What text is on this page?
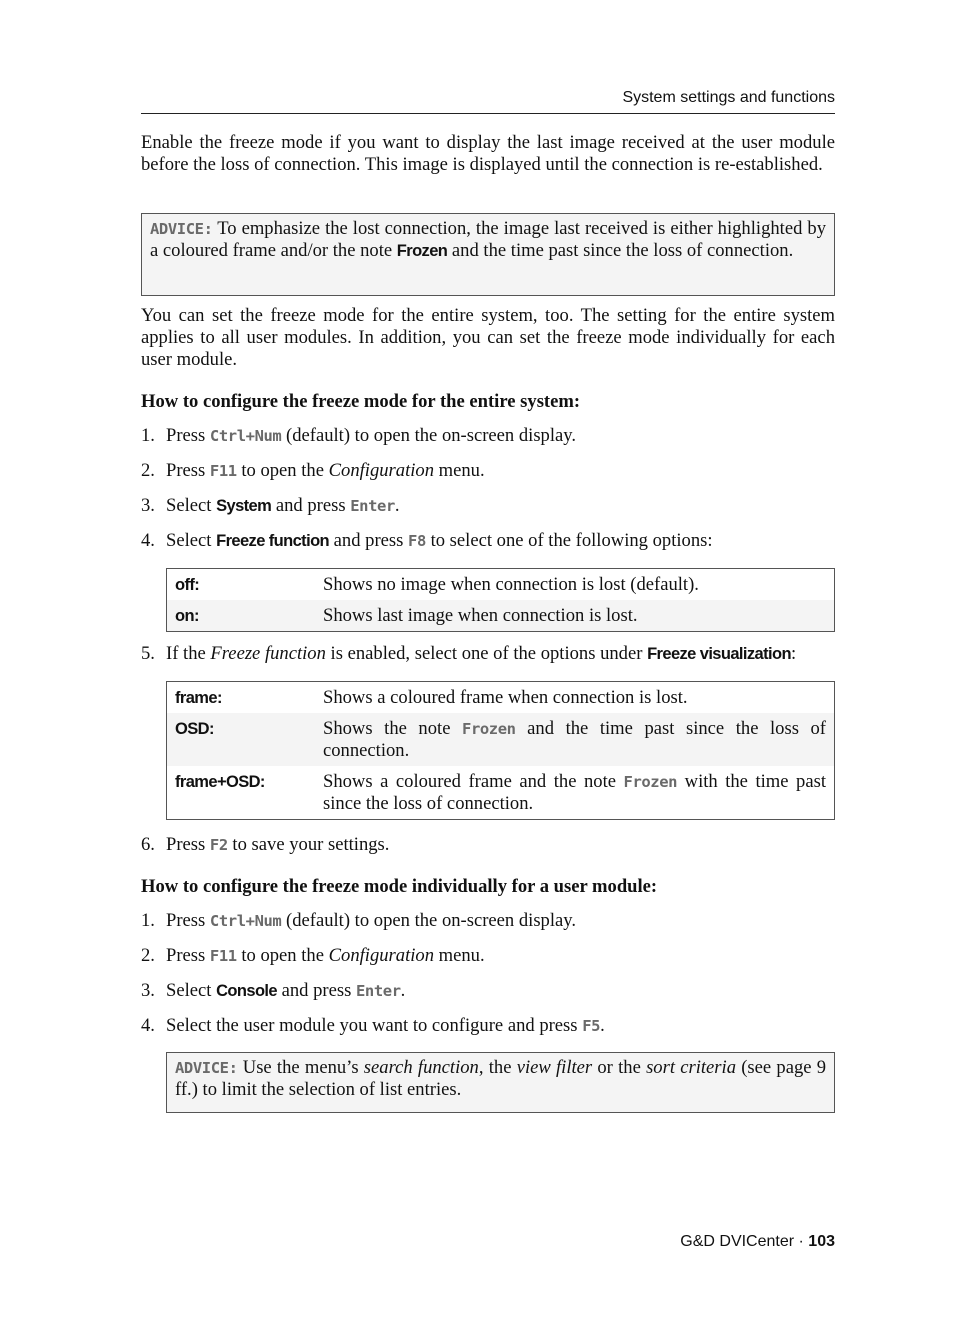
System settings and functions

Enable the freeze mode if you want to display the last image received at the user module before the loss of connection. This image is displayed until the connection is re-established.

ADVICE: To emphasize the lost connection, the image last received is either highlighted by a coloured frame and/or the note Frozen and the time past since the loss of connection.

You can set the freeze mode for the entire system, too. The setting for the entire system applies to all user modules. In addition, you can set the freeze mode individually for each user module.

How to configure the freeze mode for the entire system:
1. Press Ctrl+Num (default) to open the on-screen display.
2. Press F11 to open the Configuration menu.
3. Select System and press Enter.
4. Select Freeze function and press F8 to select one of the following options:
off:	Shows no image when connection is lost (default).
on:	Shows last image when connection is lost.
5. If the Freeze function is enabled, select one of the options under Freeze visualization:
frame:	Shows a coloured frame when connection is lost.
OSD:	Shows the note Frozen and the time past since the loss of connection.
frame+OSD:	Shows a coloured frame and the note Frozen with the time past since the loss of connection.
6. Press F2 to save your settings.
How to configure the freeze mode individually for a user module:
1. Press Ctrl+Num (default) to open the on-screen display.
2. Press F11 to open the Configuration menu.
3. Select Console and press Enter.
4. Select the user module you want to configure and press F5.
ADVICE: Use the menu’s search function, the view filter or the sort criteria (see page 9 ff.) to limit the selection of list entries.
G&D DVICenter · 103
